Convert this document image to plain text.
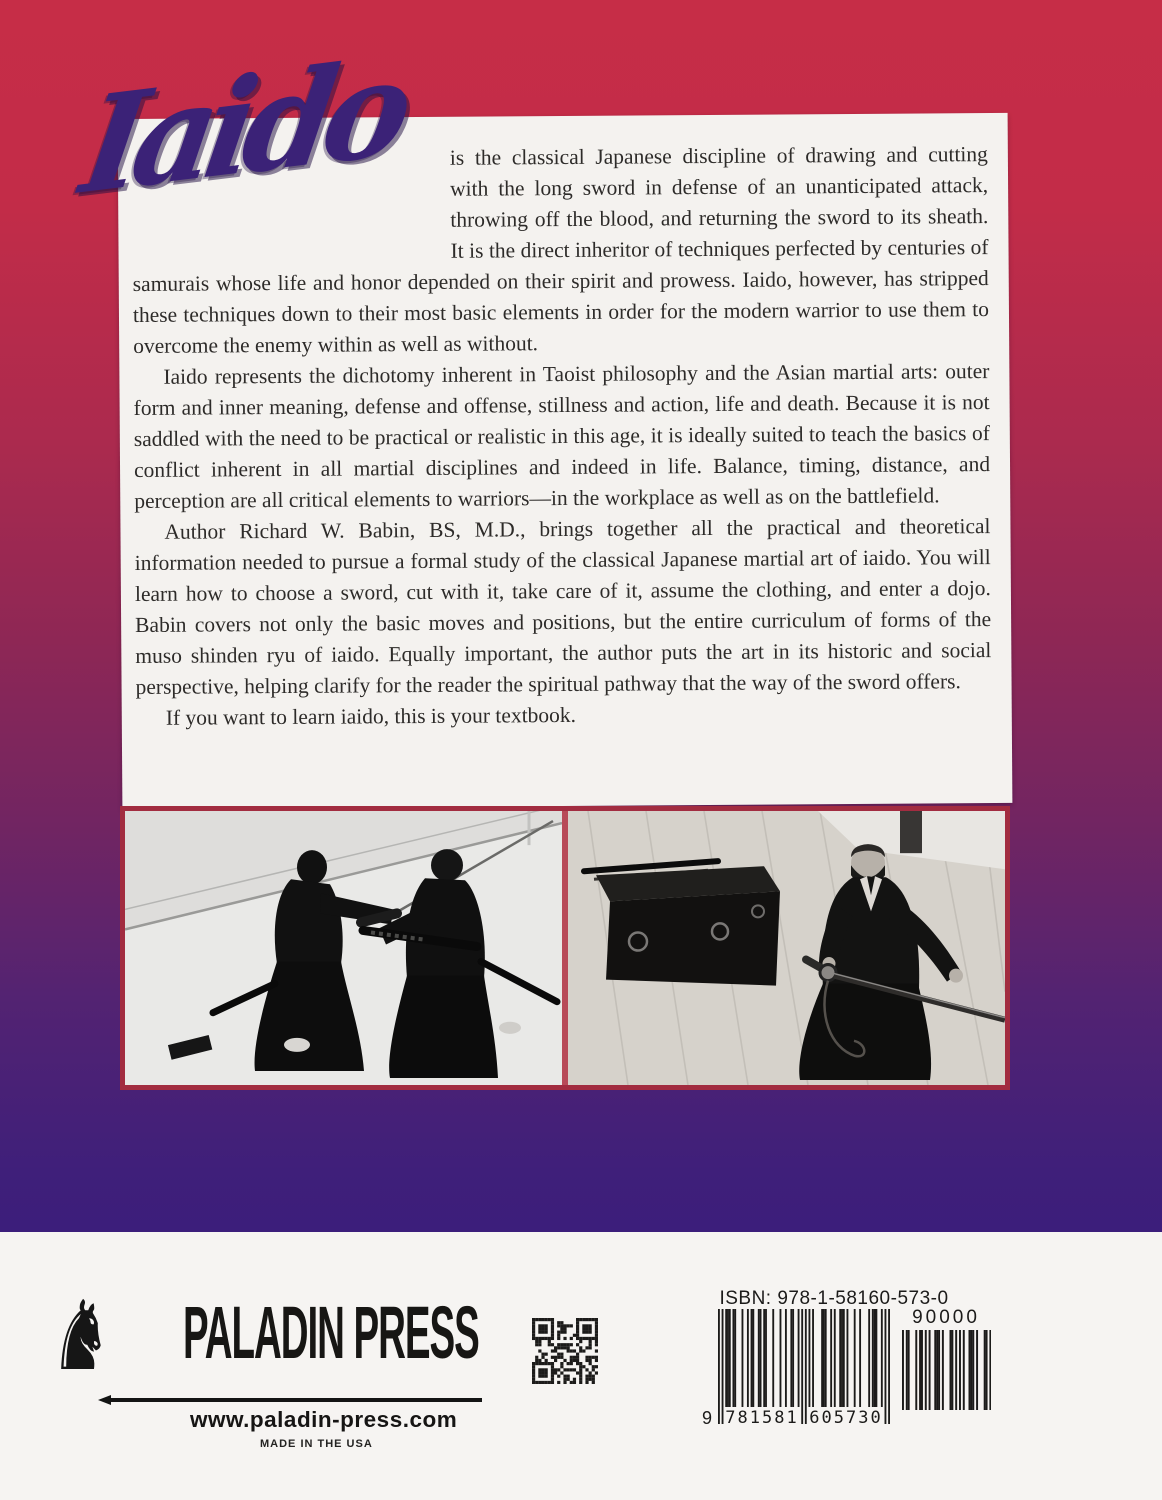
Iaido	is the classical Japanese discipline of drawing and cutting with the long sword in defense of an unanticipated attack, throwing off the blood, and returning the sword to its sheath. It is the direct inheritor of techniques perfected by centuries of samurais whose life and honor depended on their spirit and prowess. Iaido, however, has stripped these techniques down to their most basic elements in order for the modern warrior to use them to overcome the enemy within as well as without.

Iaido represents the dichotomy inherent in Taoist philosophy and the Asian martial arts: outer form and inner meaning, defense and offense, stillness and action, life and death. Because it is not saddled with the need to be practical or realistic in this age, it is ideally suited to teach the basics of conflict inherent in all martial disciplines and indeed in life. Balance, timing, distance, and perception are all critical elements to warriors—in the workplace as well as on the battlefield.

Author Richard W. Babin, BS, M.D., brings together all the practical and theoretical information needed to pursue a formal study of the classical Japanese martial art of iaido. You will learn how to choose a sword, cut with it, take care of it, assume the clothing, and enter a dojo. Babin covers not only the basic moves and positions, but the entire curriculum of forms of the muso shinden ryu of iaido. Equally important, the author puts the art in its historic and social perspective, helping clarify for the reader the spiritual pathway that the way of the sword offers.

If you want to learn iaido, this is your textbook.

♞ PALADIN PRESS
www.paladin-press.com
MADE IN THE USA
ISBN: 978-1-58160-573-0
9 781581 605730
90000
